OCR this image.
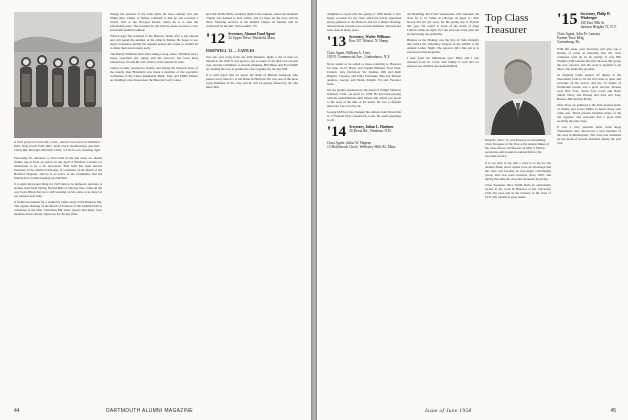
A 1923 group at Greenville, Conn., shared in at least one Elizabeth (Mrs. Sam) Clark, Polly (Mrs. Jack) Clark, Nat Burleigh, and Jack Clark, Ray Burleigh, Marshall Clark, '24, Ken's son, standing right.

Following the reference to Ned Judd in the last issue we should further report from an article in the April 6 Hartford Courant we understand to be a bit inaccurate. Ned Judd has been elected President of the Hartford Kiwanis, is a member of the Board of the Hartford Hospital, and he is so active in the community that his friends have trouble keeping up with him.

It is again the proper thing for 1923 men to be humored, and here is another item from Spring: Harold Bull of Chicago who writes all the way from Milan that he is still working on his plans to be here for our reunion next June.

A further movement for a reunion is under study at the Hanover Inn. The regular meeting of the Board of Trustees of the Alumni Fund is scheduled at the time. Chairman Bill Jones reports that many class members have already signed up for the big affair.

change the position of the team while the boys coming over and filling their wishes. A further comment is that no one received a week's visit to the Newport Island, where he is to take the scholarship prize. The program for the Library where we have a very successful alumni tradition.

Warren Agry has returned to his Hanover home after a trip abroad and will spend the summer at his camp in Maine. He hopes to see many classmates during the reunion period and wants to remind all to make their reservations early.

The Bondy Whitman have been taking a long cruise. Whitman had a major operation last spring and his recovery has been most satisfactory. Ed and his wife will be at the reunion in June.

Cantor recently returned to Seattle, and among the business news of the month, Ron Blanchard was made a member of the executive committee of the Chase Manhattan Bank. Tony and Millie Palmer are building a new house near the Hanover Golf Course.

up Little Nellie Bells, Saturday night at the reunion, where the Reunion Trophy was handed to Ken Lefler, and we hope all the boys will be there. Morning services at the Rollins Chapel on Sunday will be conducted by the Rev. Jim Coombs, '23.

'12 Secretary, Alumni Fund Agent
32 Upper Drive, Pittsfield, Mass.
HARTWELL '12 — CASTLES

Just one year away from our 50th Reunion. Quite a list of men we missed at the 45th. It was good to see so many of the men turn out this year, and the committee is already planning. Bill Baker and Fred Smith are leading the way in getting the class together for the big 50th.

It is with regret that we report the death of Herbert Anderson who passed away March 5 at his home in Hartford. He was one of the most loyal members of the class and he will be greatly missed by all who knew him.

44	DARTMOUTH ALUMNI MAGAZINE

delighted to report that the spring of 1958 marks a very happy occasion for the class, when the newly organized group gathered at the Hanover Inn for a dinner meeting. Among those present were several members who had not been back in many years.

'13 Secretary, Walter Williams
Box 357, Bristol, N. Hamp.
Class Agent, William A. Tirey
150 N. Commercial Ave., Lindenhurst, N.Y.

News seems to be added to those returning to Hanover for June 13-15: Harry and Juanita Hinman, Fred Page, Pennell, Jack Davidson, Vic Dunbar, Bill and Ruth Hughes, Clarence and Ednа Fairbanks, Ben and Marion Andrew, George and Helen Knight, Ed and Florence Nabs.

We are greatly saddened by the death of Wright Smith in Winsted, Conn., on April 12, 1958. He had been playing with his grandchildren until almost 4th, which was given to the class at the time of his death. He was a cheerful man who was loved by all.

George McElroy has changed his address from Waterville to 17 Putnam Park, Greenwich, Conn. He sends greetings to all.

'14 Secretary, Julian L. Huebner
26 Bevin Rd., Wenham, N.H.
Class Agent, Julius W. Hageen
13 Hollybrook Circle, Wellesley Hills 82, Mass.

Art Brushing and Franz Stauenecker will represent the class for L. D. White in Chicago on April 11. Walt Noack did not get away for the spring trip to Florida this year. We regret to learn of the death of Page Ludlow while on April 13; I am sure our Class joins me in expressing our sympathy.

Hunters in the Making was the title of John Ireland's talk before the Waterbury Session of the AMSE at the Annual Ladies' Night. The reporter did a fine job as is expected in this magazine.

I hear from Art Middleton says: Mary and I just returned from St. Croix. Our family is well and we enjoyed our children and grandchildren.

Top Class Treasurer

Russell J. Rice '15, was honored as outstanding Class Treasurer of the Year at the annual dinner of the class officers in Hanover on May 3. Fellow secretaries and treasurers saluted him for his excellent service.

It is our luck to say that a class is so big for the Alumni Fund, and it seems to be an advantage that the class will become an ever-larger contributing group. Rice has been treasurer since 1950, and during that time the class has increased its giving.

Class Treasurer Dave Smith made an outstanding record in his work in Hanover at the University Club this year, and in the treasury of the class of 1915 will remain in good hands.

'15 Secretary, Philip H. Winberger
120 East 59th St.
Jackson Heights 72, N.Y.
Class Agent, John Fr. Lancary
Farmer Trust Bldg.
Greensburg, Pa.

With this issue, your Secretary will give you a feeling of pride in knowing that the class continues well up in its giving. It was Bill Wright's 45th reunion that first showed this group the way forward, and the class is grateful to all those who make this possible.

At England Cuffe kicked off dinner at the Moorsmen Club to be the first man to meet and welcome on his arrival, and the '15 dinner of Dartmouth people was a great success. Present were Ben Foss, Norm Fair, Cecil and Betty Smith, Harry and Harold and Sara and Tony Burton, Bill and Dot Haley.

Once more we gathered at the Park Avenue home of Jimmy and Leona Miller to honor those who came east. Those present included many of the old regulars, and everyone had a good time recalling the early days.

It was a very pleasant letter from Rege Wienemeier who discovered a new member of the class in Minneapolis. The class was saddened by the death of several members during the past year.

Issue of June 1958	45
